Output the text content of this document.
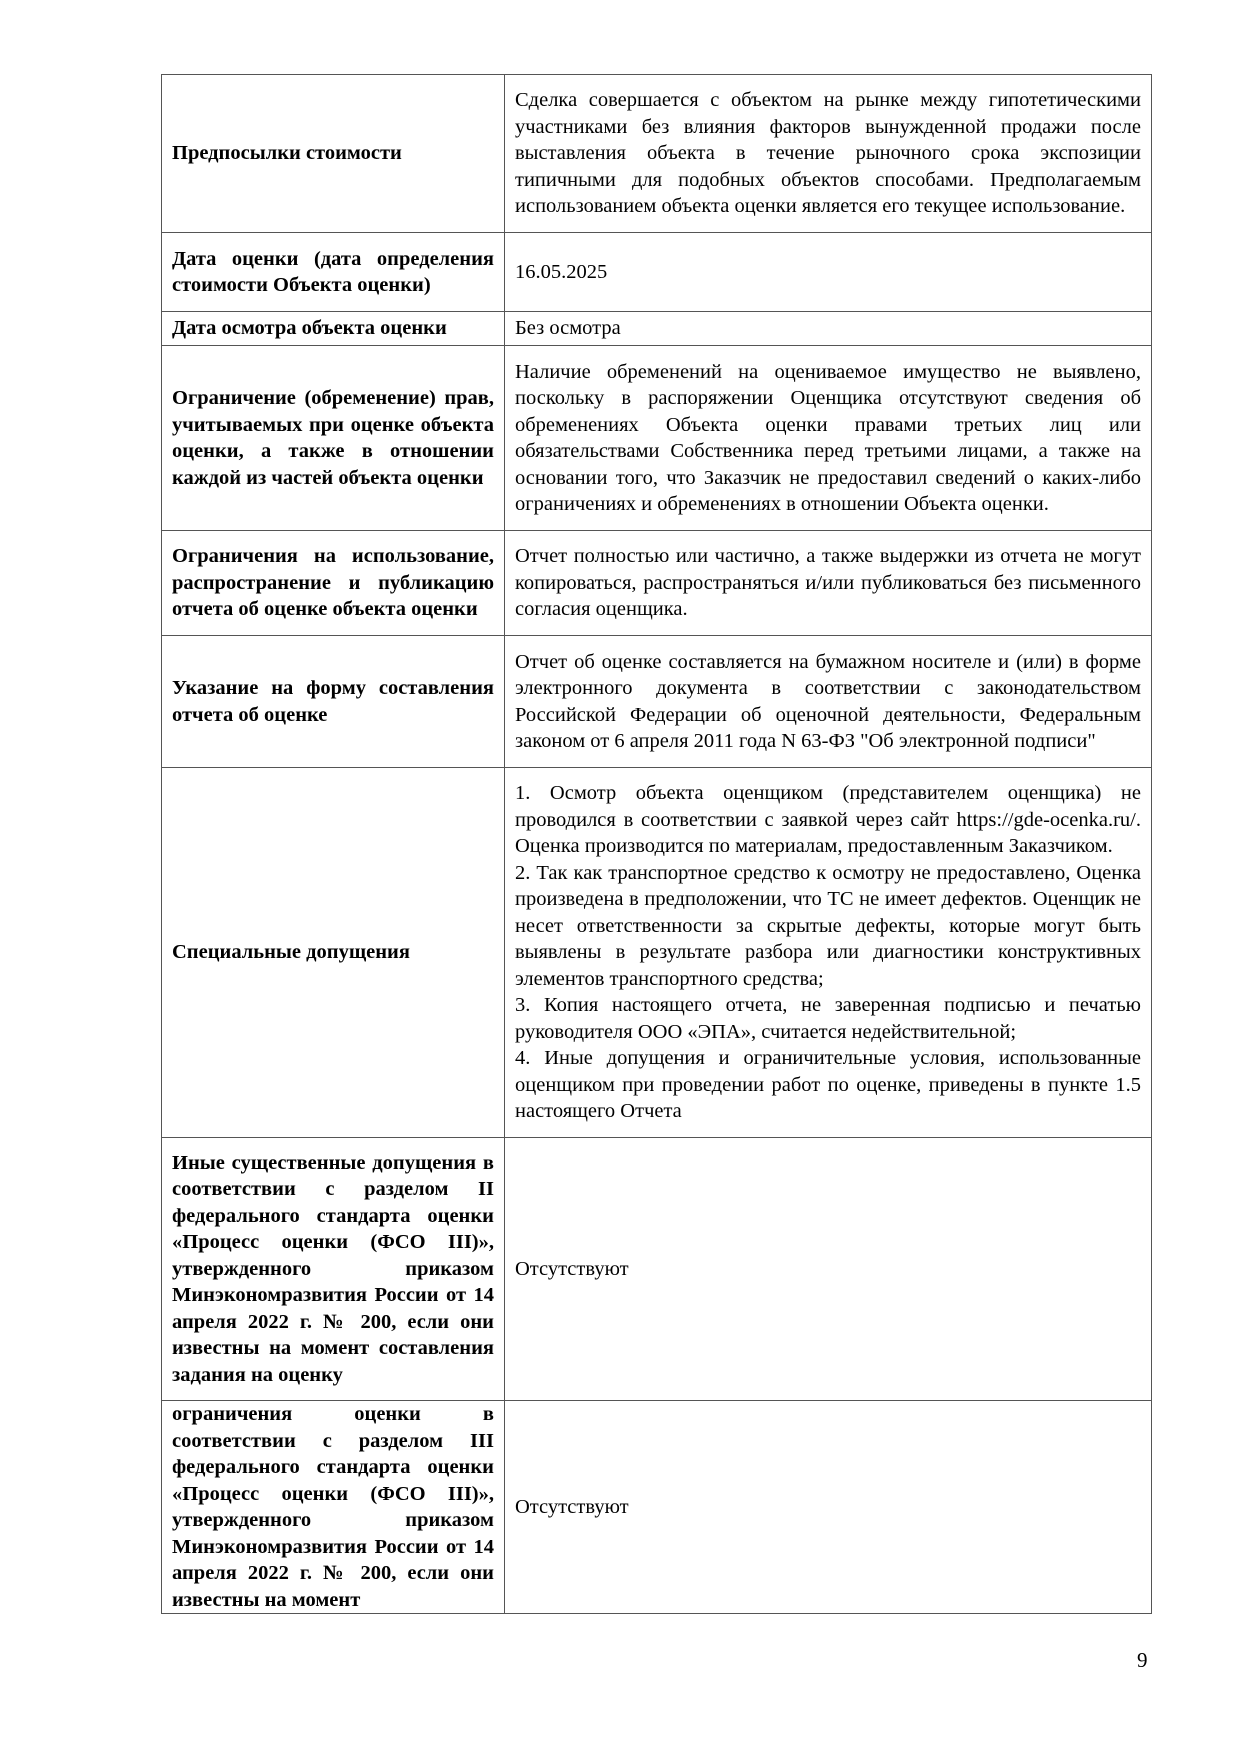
Предпосылки стоимости	Сделка совершается с объектом на рынке между гипотетическими участниками без влияния факторов вынужденной продажи после выставления объекта в течение рыночного срока экспозиции типичными для подобных объектов способами. Предполагаемым использованием объекта оценки является его текущее использование.
Дата оценки (дата определения стоимости Объекта оценки)	16.05.2025
Дата осмотра объекта оценки	Без осмотра
Ограничение (обременение) прав, учитываемых при оценке объекта оценки, а также в отношении каждой из частей объекта оценки	Наличие обременений на оцениваемое имущество не выявлено, поскольку в распоряжении Оценщика отсутствуют сведения об обременениях Объекта оценки правами третьих лиц или обязательствами Собственника перед третьими лицами, а также на основании того, что Заказчик не предоставил сведений о каких-либо ограничениях и обременениях в отношении Объекта оценки.
Ограничения на использование, распространение и публикацию отчета об оценке объекта оценки	Отчет полностью или частично, а также выдержки из отчета не могут копироваться, распространяться и/или публиковаться без письменного согласия оценщика.
Указание на форму составления отчета об оценке	Отчет об оценке составляется на бумажном носителе и (или) в форме электронного документа в соответствии с законодательством Российской Федерации об оценочной деятельности, Федеральным законом от 6 апреля 2011 года N 63-ФЗ "Об электронной подписи"
Специальные допущения	1. Осмотр объекта оценщиком (представителем оценщика) не проводился в соответствии с заявкой через сайт https://gde-ocenka.ru/. Оценка производится по материалам, предоставленным Заказчиком.
2. Так как транспортное средство к осмотру не предоставлено, Оценка произведена в предположении, что ТС не имеет дефектов. Оценщик не несет ответственности за скрытые дефекты, которые могут быть выявлены в результате разбора или диагностики конструктивных элементов транспортного средства;
3. Копия настоящего отчета, не заверенная подписью и печатью руководителя ООО «ЭПА», считается недействительной;
4. Иные допущения и ограничительные условия, использованные оценщиком при проведении работ по оценке, приведены в пункте 1.5 настоящего Отчета

Иные существенные допущения в соответствии с разделом II федерального стандарта оценки «Процесс оценки (ФСО III)», утвержденного приказом Минэкономразвития России от 14 апреля 2022 г. № 200, если они известны на момент составления задания на оценку	Отсутствуют
ограничения оценки в соответствии с разделом III федерального стандарта оценки «Процесс оценки (ФСО III)», утвержденного приказом Минэкономразвития России от 14 апреля 2022 г. № 200, если они известны на момент	Отсутствуют
9
